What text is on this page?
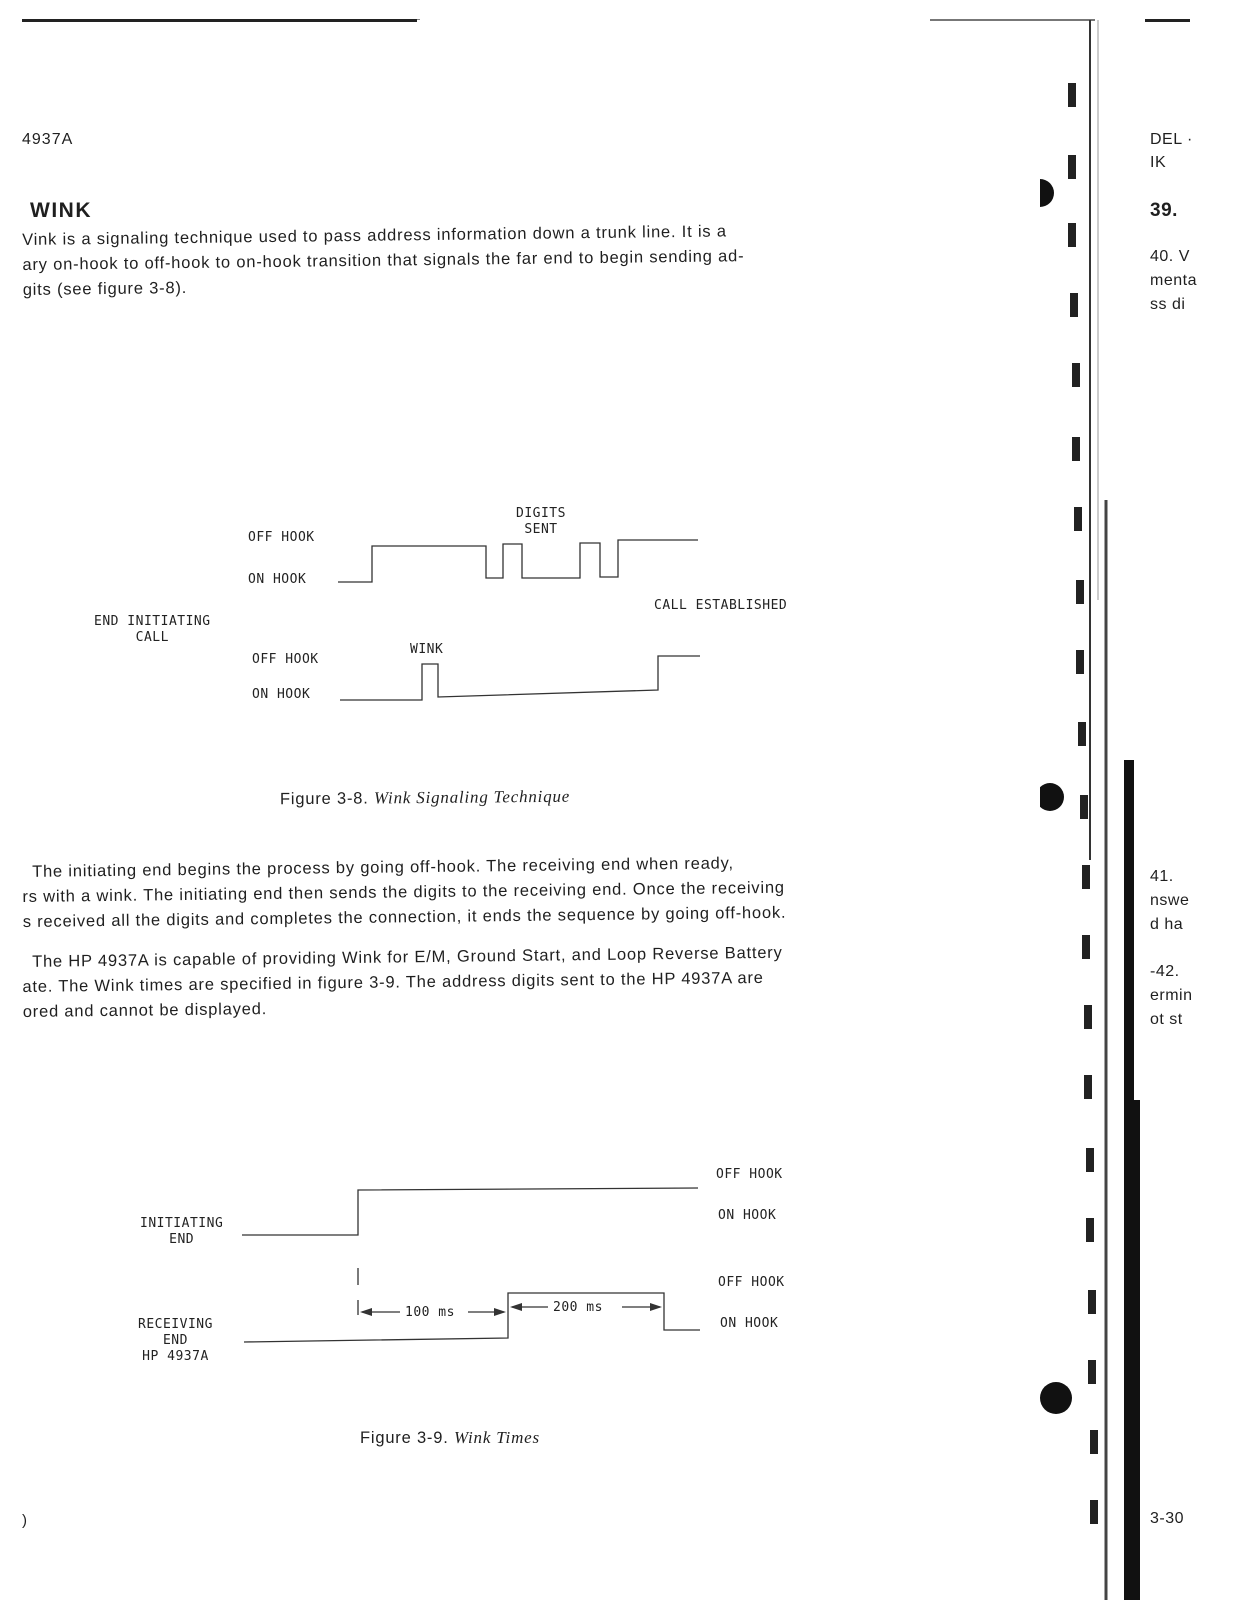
4937A
WINK

Vink is a signaling technique used to pass address information down a trunk line. It is a
ary on-hook to off-hook to on-hook transition that signals the far end to begin sending ad-
gits (see figure 3-8).

OFF HOOK
ON HOOK
DIGITS
SENT
CALL ESTABLISHED
END INITIATING
CALL
OFF HOOK
WINK
ON HOOK
Figure 3-8. Wink Signaling Technique

The initiating end begins the process by going off-hook. The receiving end when ready,
rs with a wink. The initiating end then sends the digits to the receiving end. Once the receiving
s received all the digits and completes the connection, it ends the sequence by going off-hook.

The HP 4937A is capable of providing Wink for E/M, Ground Start, and Loop Reverse Battery
ate. The Wink times are specified in figure 3-9. The address digits sent to the HP 4937A are
ored and cannot be displayed.

INITIATING
END
RECEIVING
END
HP 4937A
OFF HOOK
ON HOOK
OFF HOOK
ON HOOK
100 ms	200 ms
Figure 3-9. Wink Times
)
DEL ·
IK
39.
40. V
menta
ss di
41.
nswe
d ha
-42.
ermin
ot st
3-30
